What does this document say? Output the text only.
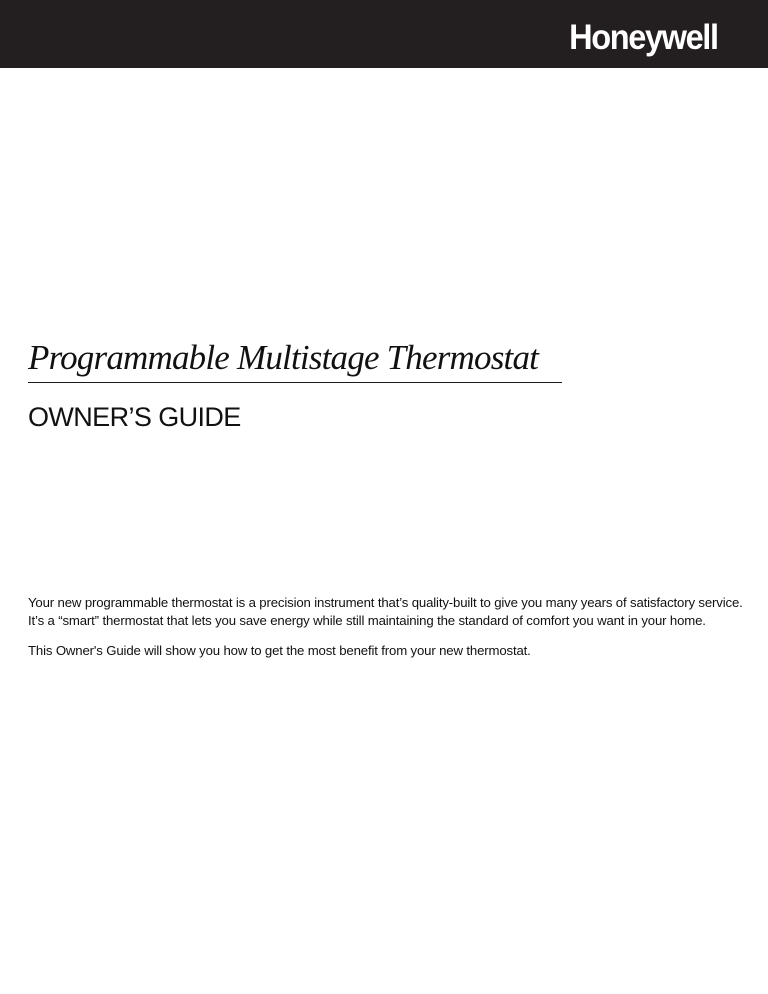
Honeywell
Programmable Multistage Thermostat
OWNER’S GUIDE

Your new programmable thermostat is a precision instrument that’s quality-built to give you many years of satisfactory service. It’s a “smart” thermostat that lets you save energy while still maintaining the standard of comfort you want in your home.

This Owner's Guide will show you how to get the most benefit from your new thermostat.
